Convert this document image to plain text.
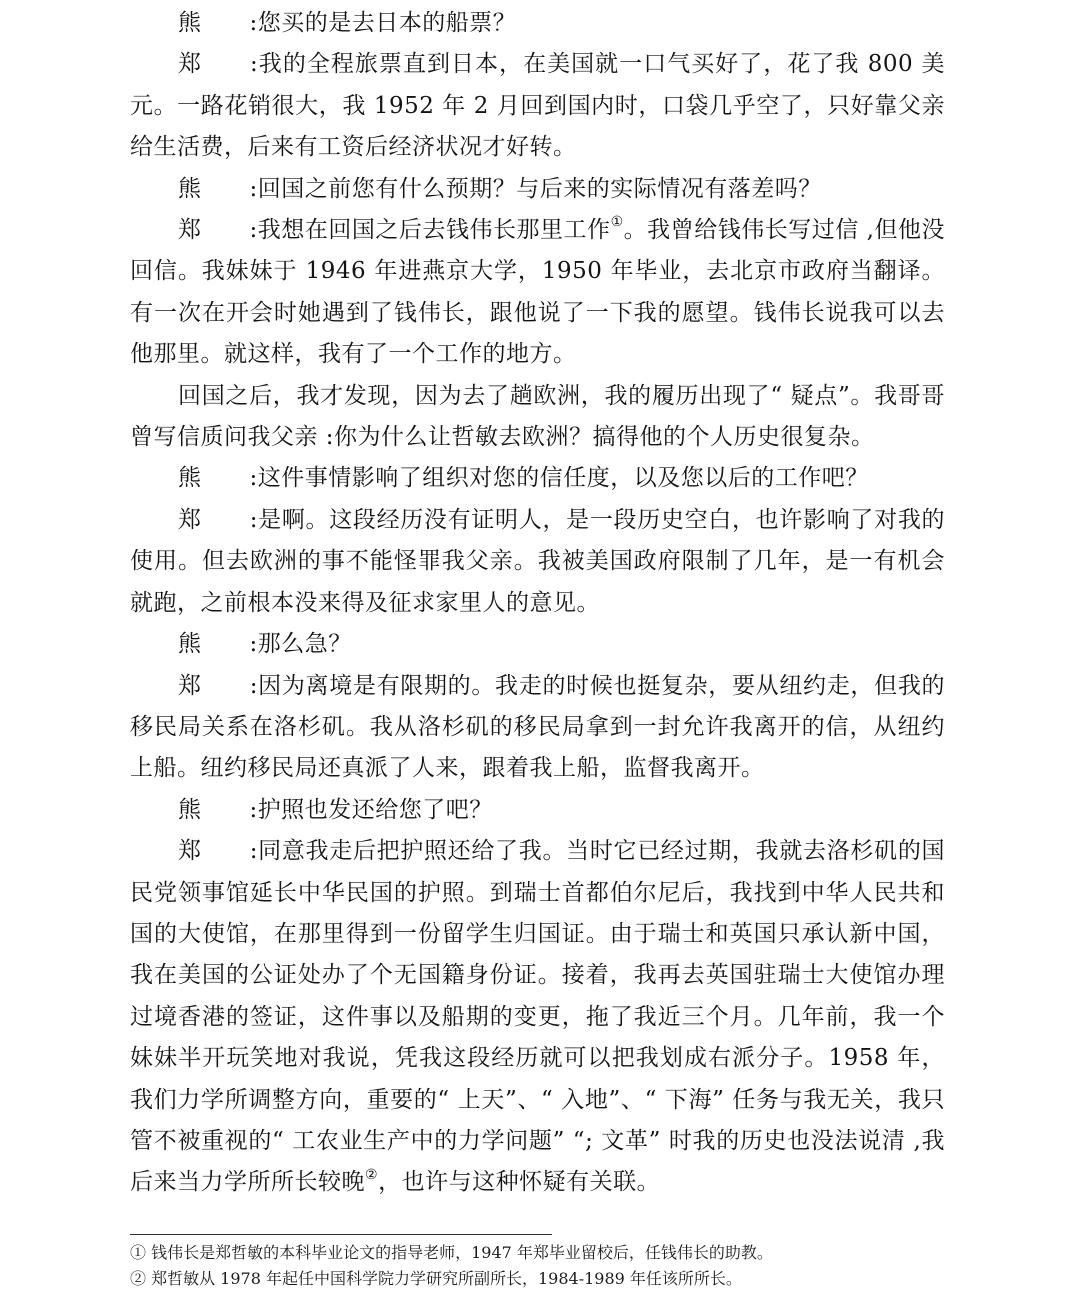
熊:您买的是去日本的船票？

郑:我的全程旅票直到日本，在美国就一口气买好了，花了我 800 美元。一路花销很大，我 1952 年 2 月回到国内时，口袋几乎空了，只好靠父亲给生活费，后来有工资后经济状况才好转。

熊:回国之前您有什么预期？与后来的实际情况有落差吗？

郑:我想在回国之后去钱伟长那里工作①。我曾给钱伟长写过信 ,但他没回信。我妹妹于 1946 年进燕京大学，1950 年毕业，去北京市政府当翻译。有一次在开会时她遇到了钱伟长，跟他说了一下我的愿望。钱伟长说我可以去他那里。就这样，我有了一个工作的地方。

回国之后，我才发现，因为去了趟欧洲，我的履历出现了“ 疑点”。我哥哥曾写信质问我父亲 :你为什么让哲敏去欧洲？搞得他的个人历史很复杂。

熊:这件事情影响了组织对您的信任度，以及您以后的工作吧？

郑:是啊。这段经历没有证明人，是一段历史空白，也许影响了对我的使用。但去欧洲的事不能怪罪我父亲。我被美国政府限制了几年，是一有机会就跑，之前根本没来得及征求家里人的意见。

熊:那么急？

郑:因为离境是有限期的。我走的时候也挺复杂，要从纽约走，但我的移民局关系在洛杉矶。我从洛杉矶的移民局拿到一封允许我离开的信，从纽约上船。纽约移民局还真派了人来，跟着我上船，监督我离开。

熊:护照也发还给您了吧？

郑:同意我走后把护照还给了我。当时它已经过期，我就去洛杉矶的国民党领事馆延长中华民国的护照。到瑞士首都伯尔尼后，我找到中华人民共和国的大使馆，在那里得到一份留学生归国证。由于瑞士和英国只承认新中国，我在美国的公证处办了个无国籍身份证。接着，我再去英国驻瑞士大使馆办理过境香港的签证，这件事以及船期的变更，拖了我近三个月。几年前，我一个妹妹半开玩笑地对我说，凭我这段经历就可以把我划成右派分子。1958 年，我们力学所调整方向，重要的“ 上天”、“ 入地”、“ 下海” 任务与我无关，我只管不被重视的“ 工农业生产中的力学问题” “; 文革” 时我的历史也没法说清 ,我后来当力学所所长较晚②，也许与这种怀疑有关联。

① 钱伟长是郑哲敏的本科毕业论文的指导老师，1947 年郑毕业留校后，任钱伟长的助教。

② 郑哲敏从 1978 年起任中国科学院力学研究所副所长，1984-1989 年任该所所长。
